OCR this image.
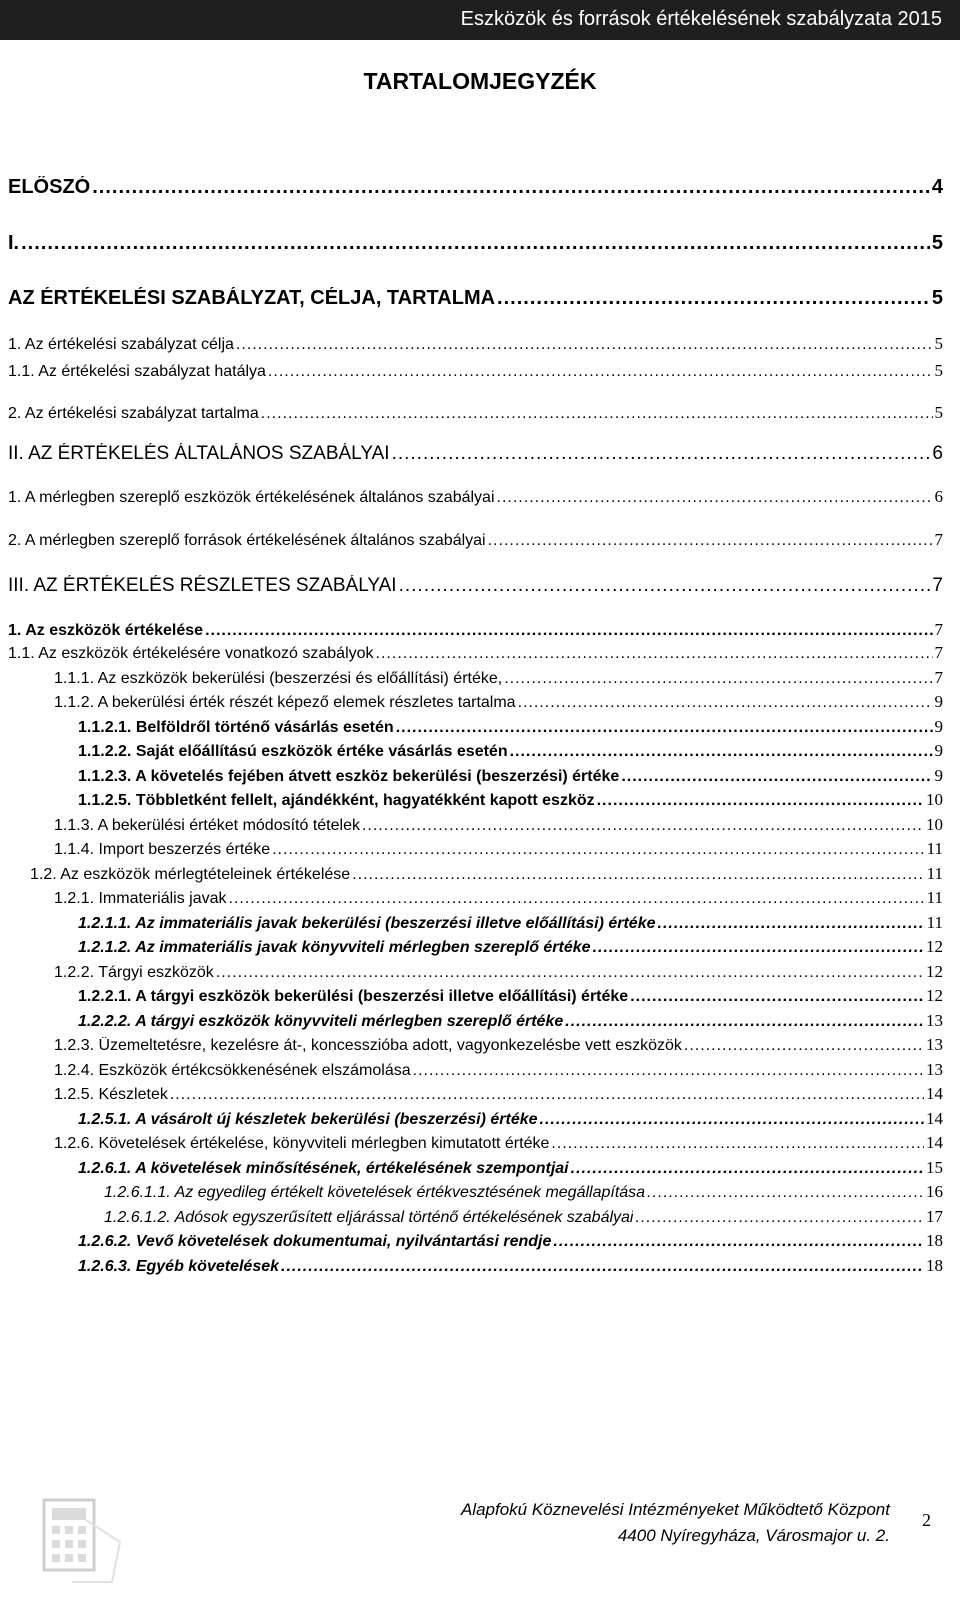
Eszközök és források értékelésének szabályzata 2015
TARTALOMJEGYZÉK
ELŐSZÓ .....	4
I. .....	5
AZ ÉRTÉKELÉSI SZABÁLYZAT, CÉLJA, TARTALMA .....	5
1. Az értékelési szabályzat célja .....	5
1.1. Az értékelési szabályzat hatálya .....	5
2. Az értékelési szabályzat tartalma .....	5
II. AZ ÉRTÉKELÉS ÁLTALÁNOS SZABÁLYAI .....	6
1. A mérlegben szereplő eszközök értékelésének általános szabályai .....	6
2. A mérlegben szereplő források értékelésének általános szabályai .....	7
III. AZ ÉRTÉKELÉS RÉSZLETES SZABÁLYAI .....	7
1. Az eszközök értékelése .....	7
1.1. Az eszközök értékelésére vonatkozó szabályok .....	7
1.1.1. Az eszközök bekerülési (beszerzési és előállítási) értéke, .....	7
1.1.2. A bekerülési érték részét képező elemek részletes tartalma .....	9
1.1.2.1. Belföldről történő vásárlás esetén .....	9
1.1.2.2. Saját előállítású eszközök értéke vásárlás esetén .....	9
1.1.2.3. A követelés fejében átvett eszköz bekerülési (beszerzési) értéke .....	9
1.1.2.5. Többletként fellelt, ajándékként, hagyatékként kapott eszköz .....	10
1.1.3. A bekerülési értéket módosító tételek .....	10
1.1.4. Import beszerzés értéke .....	11
1.2. Az eszközök mérlegtételeinek értékelése .....	11
1.2.1. Immateriális javak .....	11
1.2.1.1. Az immateriális javak bekerülési (beszerzési illetve előállítási) értéke .....	11
1.2.1.2. Az immateriális javak könyvviteli mérlegben szereplő értéke .....	12
1.2.2. Tárgyi eszközök .....	12
1.2.2.1. A tárgyi eszközök bekerülési (beszerzési illetve előállítási) értéke .....	12
1.2.2.2. A tárgyi eszközök könyvviteli mérlegben szereplő értéke .....	13
1.2.3. Üzemeltetésre, kezelésre át-, koncesszióba adott, vagyonkezelésbe vett eszközök .....	13
1.2.4. Eszközök értékcsökkenésének elszámolása .....	13
1.2.5. Készletek .....	14
1.2.5.1. A vásárolt új készletek bekerülési (beszerzési) értéke .....	14
1.2.6. Követelések értékelése, könyvviteli mérlegben kimutatott értéke .....	14
1.2.6.1. A követelések minősítésének, értékelésének szempontjai .....	15
1.2.6.1.1. Az egyedileg értékelt követelések értékvesztésének megállapítása .....	16
1.2.6.1.2. Adósok egyszerűsített eljárással történő értékelésének szabályai .....	17
1.2.6.2. Vevő követelések dokumentumai, nyilvántartási rendje .....	18
1.2.6.3. Egyéb követelések .....	18
Alapfokú Köznevelési Intézményeket Működtető Központ
4400 Nyíregyháza, Városmajor u. 2.
2
